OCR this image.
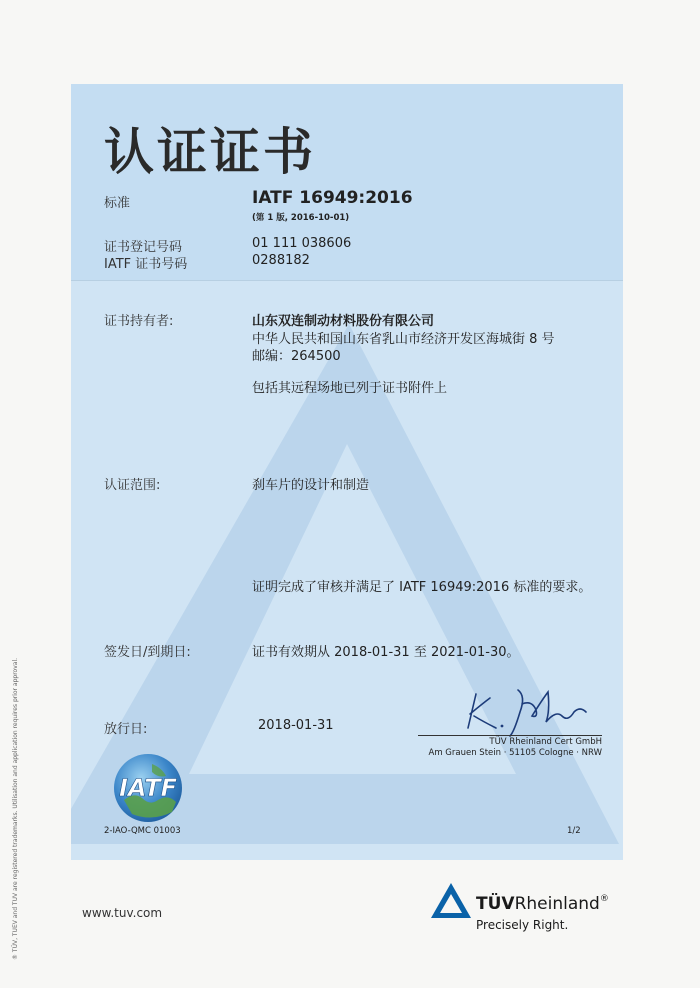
认证证书
标准	IATF 16949:2016
(第 1 版, 2016-10-01)
证书登记号码	01 111 038606
IATF 证书号码	0288182
证书持有者:	山东双连制动材料股份有限公司
中华人民共和国山东省乳山市经济开发区海城街 8 号
邮编：264500
包括其远程场地已列于证书附件上
认证范围:	刹车片的设计和制造
证明完成了审核并满足了 IATF 16949:2016 标准的要求。
签发日/到期日:	证书有效期从 2018-01-31 至 2021-01-30。
放行日:	2018-01-31
TÜV Rheinland Cert GmbH
Am Grauen Stein · 51105 Cologne · NRW
IATF
2-IAO-QMC 01003	1/2
® TÜV, TUEV and TUV are registered trademarks. Utilisation and application requires prior approval.	www.tuv.com	TÜVRheinland®
Precisely Right.
